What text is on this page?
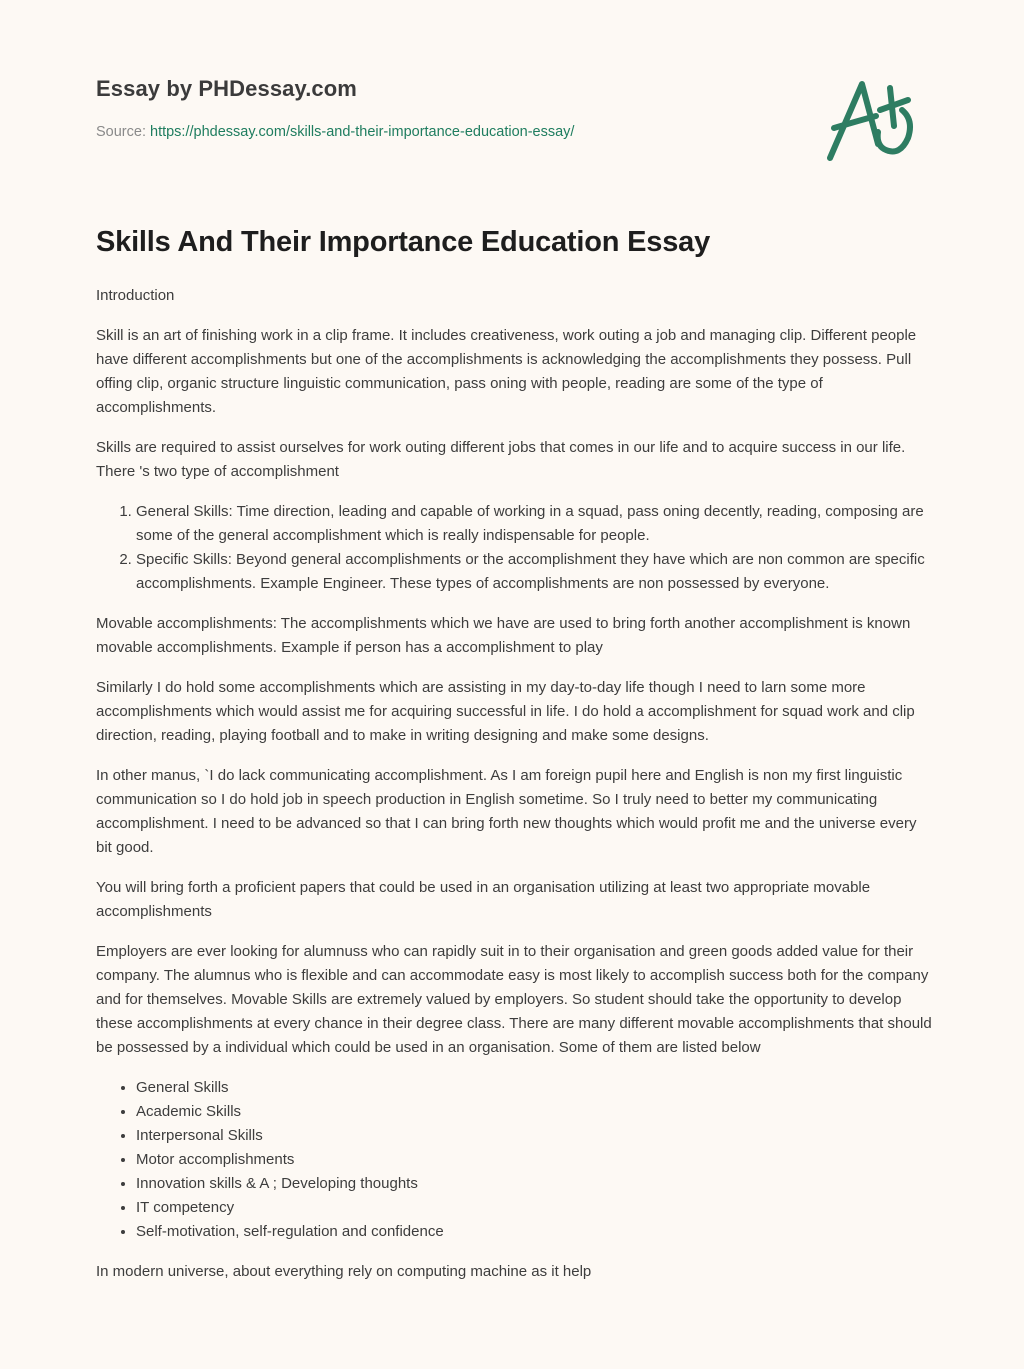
Essay by PHDessay.com
Source: https://phdessay.com/skills-and-their-importance-education-essay/
Skills And Their Importance Education Essay

Introduction

Skill is an art of finishing work in a clip frame. It includes creativeness, work outing a job and managing clip. Different people have different accomplishments but one of the accomplishments is acknowledging the accomplishments they possess. Pull offing clip, organic structure linguistic communication, pass oning with people, reading are some of the type of accomplishments.

Skills are required to assist ourselves for work outing different jobs that comes in our life and to acquire success in our life. There 's two type of accomplishment

1. General Skills: Time direction, leading and capable of working in a squad, pass oning decently, reading, composing are some of the general accomplishment which is really indispensable for people.
2. Specific Skills: Beyond general accomplishments or the accomplishment they have which are non common are specific accomplishments. Example Engineer. These types of accomplishments are non possessed by everyone.

Movable accomplishments: The accomplishments which we have are used to bring forth another accomplishment is known movable accomplishments. Example if person has a accomplishment to play

Similarly I do hold some accomplishments which are assisting in my day-to-day life though I need to larn some more accomplishments which would assist me for acquiring successful in life. I do hold a accomplishment for squad work and clip direction, reading, playing football and to make in writing designing and make some designs.

In other manus, `I do lack communicating accomplishment. As I am foreign pupil here and English is non my first linguistic communication so I do hold job in speech production in English sometime. So I truly need to better my communicating accomplishment. I need to be advanced so that I can bring forth new thoughts which would profit me and the universe every bit good.

You will bring forth a proficient papers that could be used in an organisation utilizing at least two appropriate movable accomplishments

Employers are ever looking for alumnuss who can rapidly suit in to their organisation and green goods added value for their company. The alumnus who is flexible and can accommodate easy is most likely to accomplish success both for the company and for themselves. Movable Skills are extremely valued by employers. So student should take the opportunity to develop these accomplishments at every chance in their degree class. There are many different movable accomplishments that should be possessed by a individual which could be used in an organisation. Some of them are listed below

• General Skills
• Academic Skills
• Interpersonal Skills
• Motor accomplishments
• Innovation skills & A ; Developing thoughts
• IT competency
• Self-motivation, self-regulation and confidence

In modern universe, about everything rely on computing machine as it help
